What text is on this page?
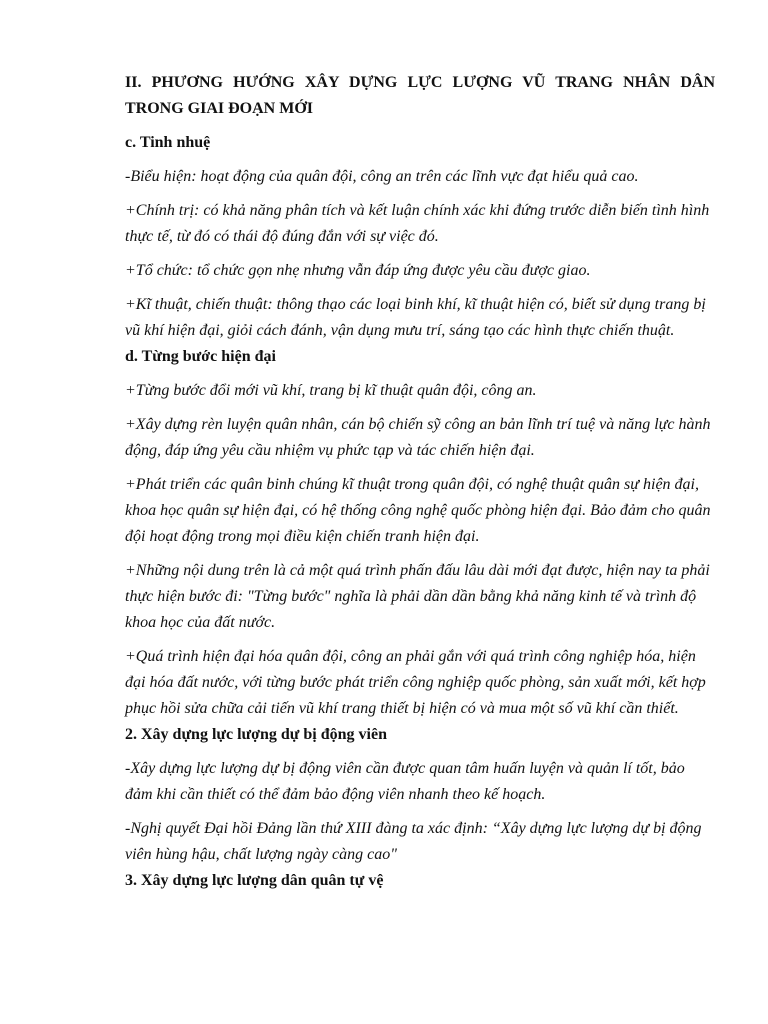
II. PHƯƠNG HƯỚNG XÂY DỰNG LỰC LƯỢNG VŨ TRANG NHÂN DÂN
TRONG GIAI ĐOẠN MỚI

c. Tinh nhuệ

-Biểu hiện: hoạt động của quân đội, công an trên các lĩnh vực đạt hiểu quả cao.

+Chính trị: có khả năng phân tích và kết luận chính xác khi đứng trước diễn biến tình hình thực tế, từ đó có thái độ đúng đắn với sự việc đó.

+Tổ chức: tổ chức gọn nhẹ nhưng vẫn đáp ứng được yêu cầu được giao.

+Kĩ thuật, chiến thuật: thông thạo các loại binh khí, kĩ thuật hiện có, biết sử dụng trang bị vũ khí hiện đại, giỏi cách đánh, vận dụng mưu trí, sáng tạo các hình thực chiến thuật.

d. Từng bước hiện đại

+Từng bước đổi mới vũ khí, trang bị kĩ thuật quân đội, công an.

+Xây dựng rèn luyện quân nhân, cán bộ chiến sỹ công an bản lĩnh trí tuệ và năng lực hành động, đáp ứng yêu cầu nhiệm vụ phức tạp và tác chiến hiện đại.

+Phát triển các quân binh chúng kĩ thuật trong quân đội, có nghệ thuật quân sự hiện đại, khoa học quân sự hiện đại, có hệ thống công nghệ quốc phòng hiện đại. Bảo đảm cho quân đội hoạt động trong mọi điều kiện chiến tranh hiện đại.

+Những nội dung trên là cả một quá trình phấn đấu lâu dài mới đạt được, hiện nay ta phải thực hiện bước đi: "Từng bước" nghĩa là phải dần dần bằng khả năng kinh tế và trình độ khoa học của đất nước.

+Quá trình hiện đại hóa quân đội, công an phải gắn với quá trình công nghiệp hóa, hiện đại hóa đất nước, với từng bước phát triển công nghiệp quốc phòng, sản xuất mới, kết hợp phục hồi sửa chữa cải tiến vũ khí trang thiết bị hiện có và mua một số vũ khí cần thiết.

2. Xây dựng lực lượng dự bị động viên

-Xây dựng lực lượng dự bị động viên cần được quan tâm huấn luyện và quản lí tốt, bảo đảm khi cần thiết có thể đảm bảo động viên nhanh theo kế hoạch.

-Nghị quyết Đại hồi Đảng lần thứ XIII đàng ta xác định: “Xây dựng lực lượng dự bị động viên hùng hậu, chất lượng ngày càng cao"

3. Xây dựng lực lượng dân quân tự vệ
